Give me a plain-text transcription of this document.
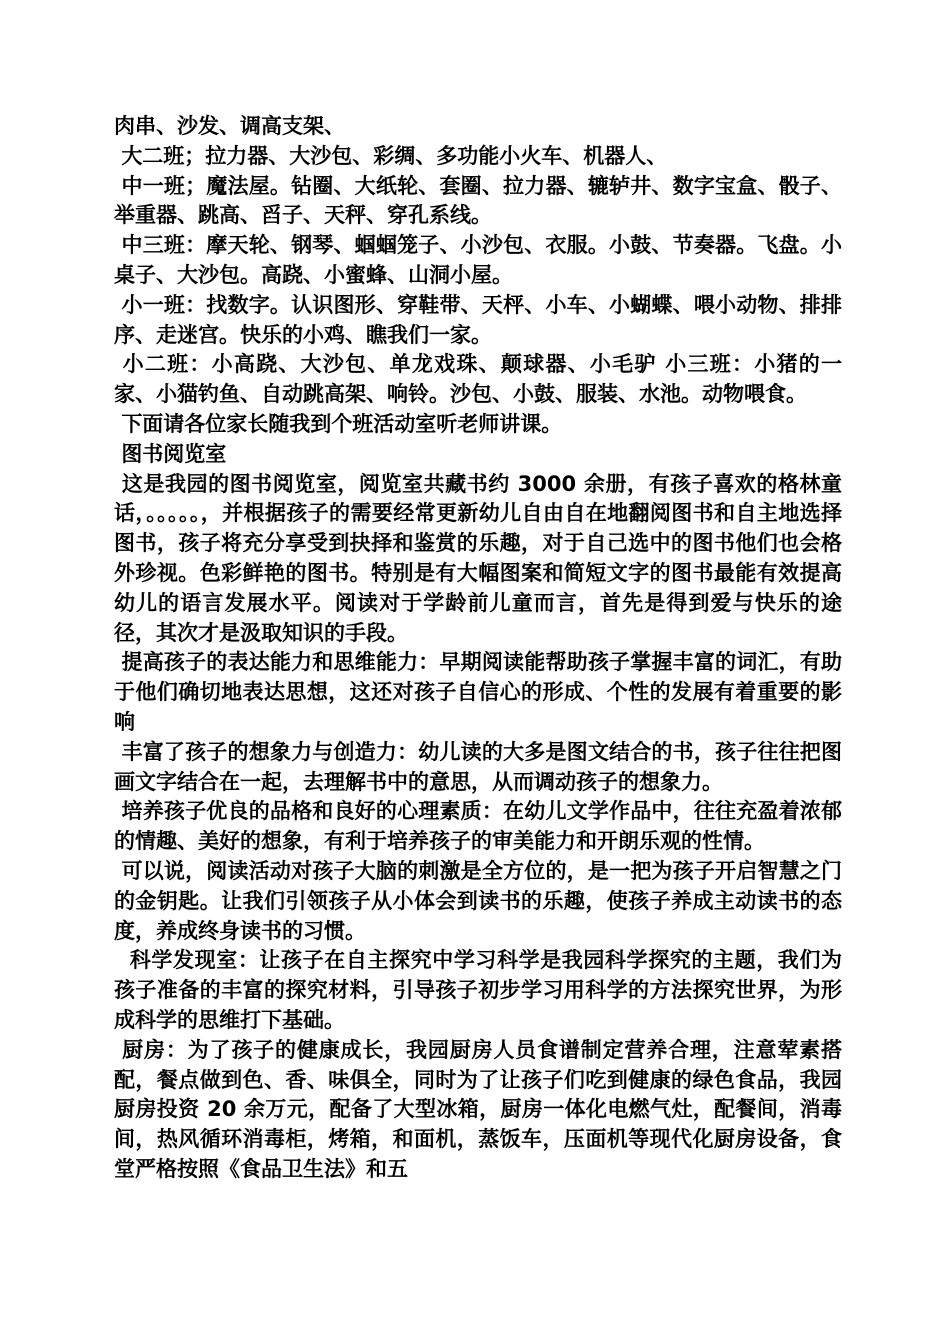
肉串、沙发、调高支架、

大二班；拉力器、大沙包、彩绸、多功能小火车、机器人、

中一班；魔法屋。钻圈、大纸轮、套圈、拉力器、辘轳井、数字宝盒、骰子、举重器、跳高、舀子、天秤、穿孔系线。

中三班：摩天轮、钢琴、蝈蝈笼子、小沙包、衣服。小鼓、节奏器。飞盘。小桌子、大沙包。高跷、小蜜蜂、山洞小屋。

小一班：找数字。认识图形、穿鞋带、天枰、小车、小蝴蝶、喂小动物、排排序、走迷宫。快乐的小鸡、瞧我们一家。

小二班：小高跷、大沙包、单龙戏珠、颠球器、小毛驴 小三班：小猪的一家、小猫钓鱼、自动跳高架、响铃。沙包、小鼓、服装、水池。动物喂食。

下面请各位家长随我到个班活动室听老师讲课。

图书阅览室

这是我园的图书阅览室，阅览室共藏书约 3000 余册，有孩子喜欢的格林童话，。。。。。，并根据孩子的需要经常更新幼儿自由自在地翻阅图书和自主地选择图书，孩子将充分享受到抉择和鉴赏的乐趣，对于自己选中的图书他们也会格外珍视。色彩鲜艳的图书。特别是有大幅图案和简短文字的图书最能有效提高幼儿的语言发展水平。阅读对于学龄前儿童而言，首先是得到爱与快乐的途径，其次才是汲取知识的手段。

提高孩子的表达能力和思维能力：早期阅读能帮助孩子掌握丰富的词汇，有助于他们确切地表达思想，这还对孩子自信心的形成、个性的发展有着重要的影响

丰富了孩子的想象力与创造力：幼儿读的大多是图文结合的书，孩子往往把图画文字结合在一起，去理解书中的意思，从而调动孩子的想象力。

培养孩子优良的品格和良好的心理素质：在幼儿文学作品中，往往充盈着浓郁的情趣、美好的想象，有利于培养孩子的审美能力和开朗乐观的性情。

可以说，阅读活动对孩子大脑的刺激是全方位的，是一把为孩子开启智慧之门的金钥匙。让我们引领孩子从小体会到读书的乐趣，使孩子养成主动读书的态度，养成终身读书的习惯。

科学发现室：让孩子在自主探究中学习科学是我园科学探究的主题，我们为孩子准备的丰富的探究材料，引导孩子初步学习用科学的方法探究世界，为形成科学的思维打下基础。

厨房：为了孩子的健康成长，我园厨房人员食谱制定营养合理，注意荤素搭配，餐点做到色、香、味俱全，同时为了让孩子们吃到健康的绿色食品，我园厨房投资 20 余万元，配备了大型冰箱，厨房一体化电燃气灶，配餐间，消毒间，热风循环消毒柜，烤箱，和面机，蒸饭车，压面机等现代化厨房设备，食堂严格按照《食品卫生法》和五
